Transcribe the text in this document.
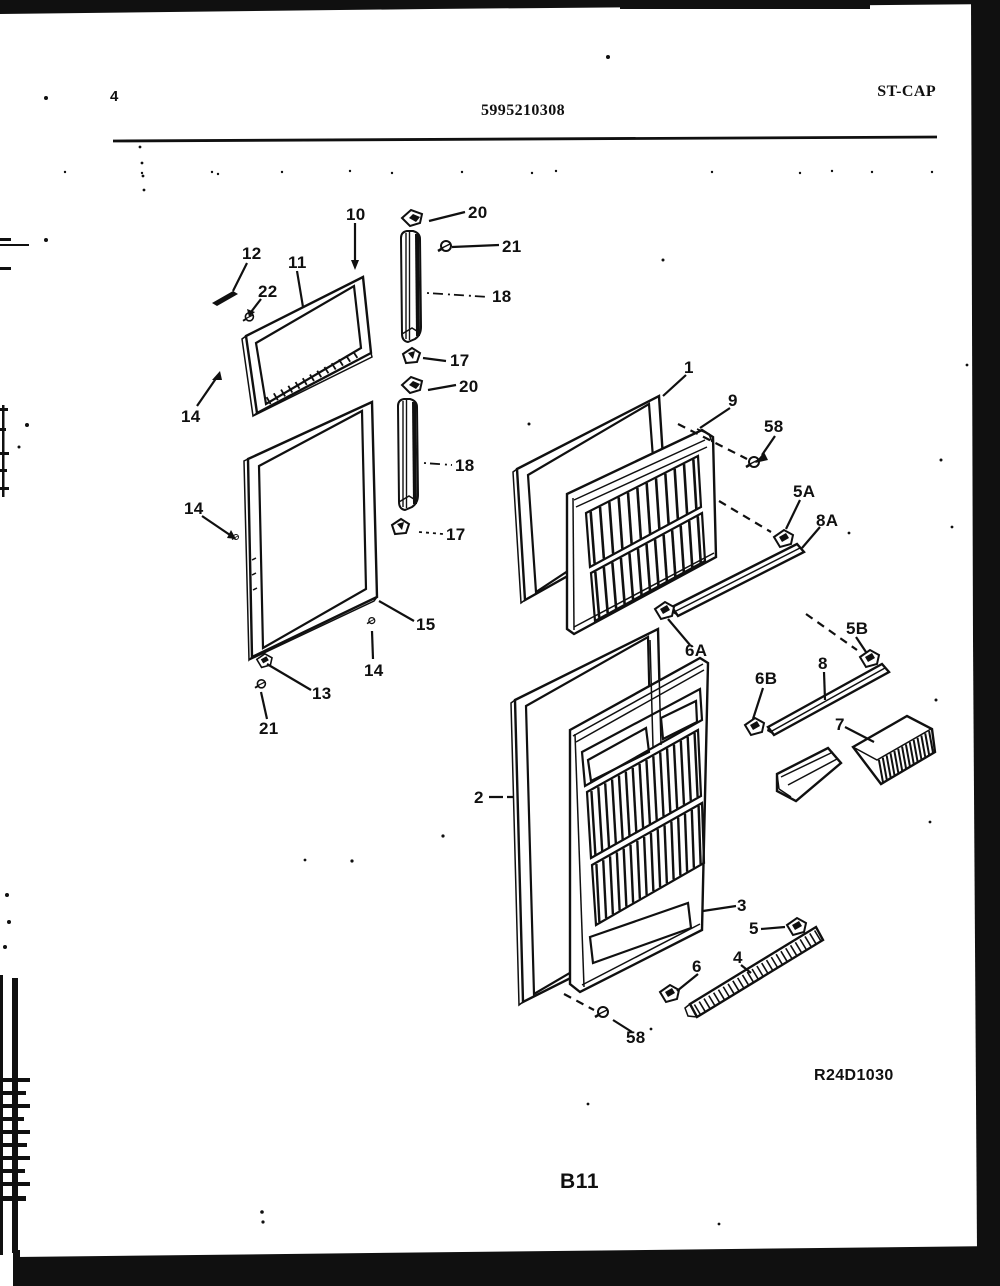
4
5995210308
ST-CAP
10	20
21
18
17
20
18
17
12 11
22
14
14
15
14
13
21
1
9
58
5A
8A
6A
2
3
5B
8
6B
7
4
5
6
58
R24D1030
B11
